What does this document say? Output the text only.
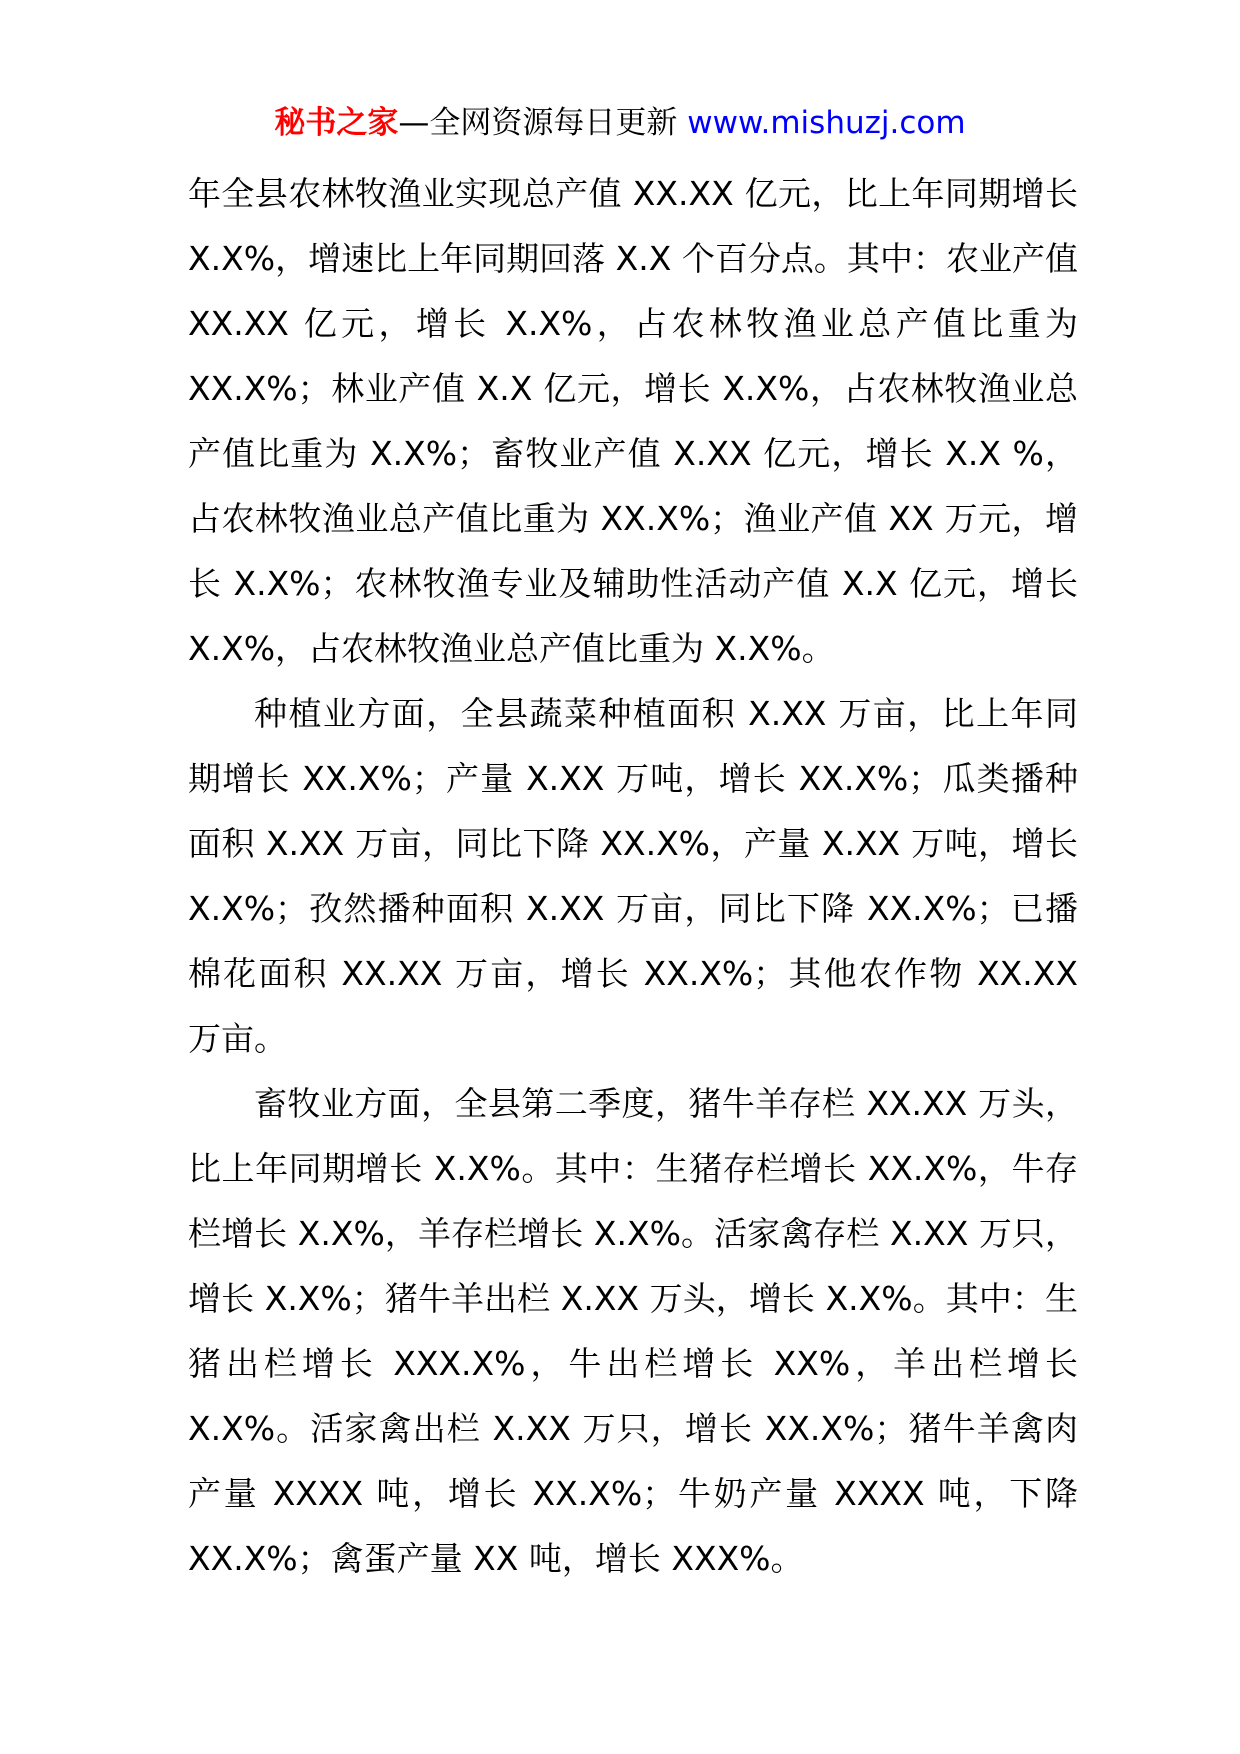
秘书之家—全网资源每日更新 www.mishuzj.com

年全县农林牧渔业实现总产值 XX.XX 亿元，比上年同期增长 X.X%，增速比上年同期回落 X.X 个百分点。其中：农业产值 XX.XX 亿元，增长 X.X%，占农林牧渔业总产值比重为 XX.X%；林业产值 X.X 亿元，增长 X.X%，占农林牧渔业总产值比重为 X.X%；畜牧业产值 X.XX 亿元，增长 X.X %，占农林牧渔业总产值比重为 XX.X%；渔业产值 XX 万元，增长 X.X%；农林牧渔专业及辅助性活动产值 X.X 亿元，增长 X.X%，占农林牧渔业总产值比重为 X.X%。

种植业方面，全县蔬菜种植面积 X.XX 万亩，比上年同期增长 XX.X%；产量 X.XX 万吨，增长 XX.X%；瓜类播种面积 X.XX 万亩，同比下降 XX.X%，产量 X.XX 万吨，增长 X.X%；孜然播种面积 X.XX 万亩，同比下降 XX.X%；已播棉花面积 XX.XX 万亩，增长 XX.X%；其他农作物 XX.XX 万亩。

畜牧业方面，全县第二季度，猪牛羊存栏 XX.XX 万头，比上年同期增长 X.X%。其中：生猪存栏增长 XX.X%，牛存栏增长 X.X%，羊存栏增长 X.X%。活家禽存栏 X.XX 万只，增长 X.X%；猪牛羊出栏 X.XX 万头，增长 X.X%。其中：生猪出栏增长 XXX.X%，牛出栏增长 XX%，羊出栏增长 X.X%。活家禽出栏 X.XX 万只，增长 XX.X%；猪牛羊禽肉产量 XXXX 吨，增长 XX.X%；牛奶产量 XXXX 吨，下降 XX.X%；禽蛋产量 XX 吨，增长 XXX%。
